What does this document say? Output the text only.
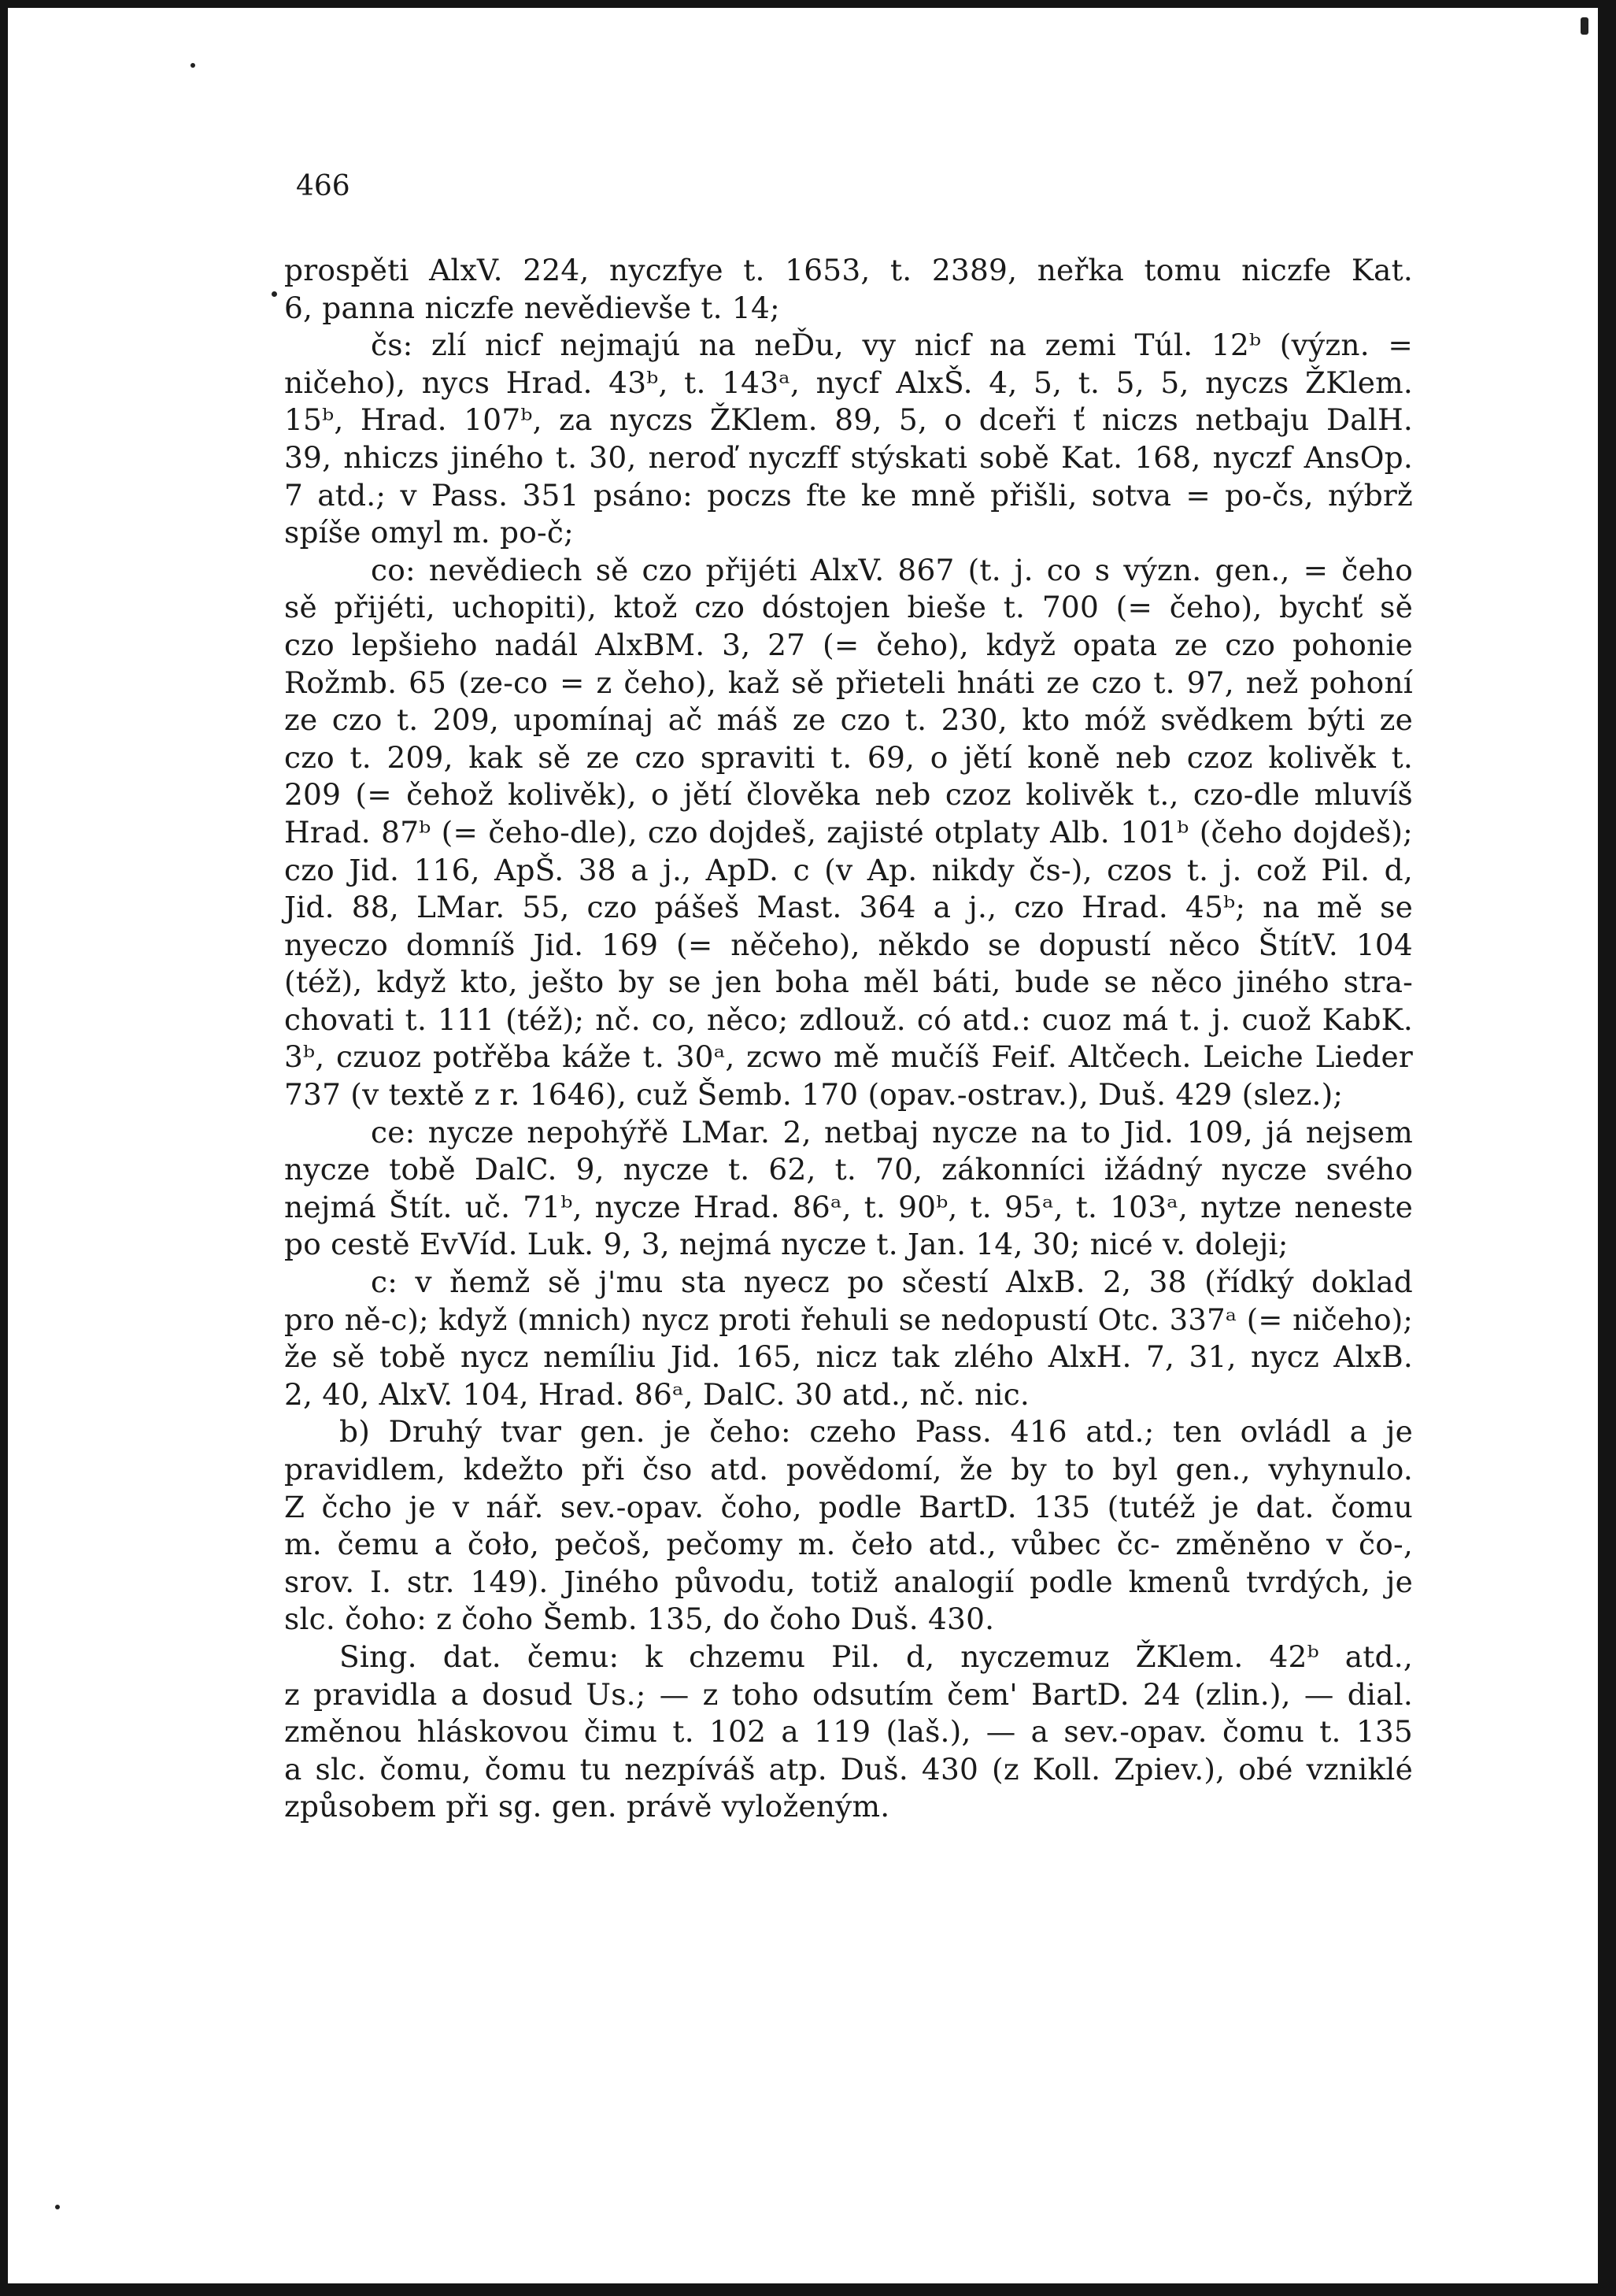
466
prospěti AlxV. 224, nyczfye t. 1653, t. 2389, neřka tomu niczfe Kat.
6, panna niczfe nevědievše t. 14;
čs: zlí nicf nejmajú na neĎu, vy nicf na zemi Túl. 12ᵇ (význ. =
ničeho), nycs Hrad. 43ᵇ, t. 143ᵃ, nycf AlxŠ. 4, 5, t. 5, 5, nyczs ŽKlem.
15ᵇ, Hrad. 107ᵇ, za nyczs ŽKlem. 89, 5, o dceři ť niczs netbaju DalH.
39, nhiczs jiného t. 30, neroď nyczff stýskati sobě Kat. 168, nyczf AnsOp.
7 atd.; v Pass. 351 psáno: poczs fte ke mně přišli, sotva = po-čs, nýbrž
spíše omyl m. po-č;
co: nevědiech sě czo přijéti AlxV. 867 (t. j. co s význ. gen., = čeho
sě přijéti, uchopiti), ktož czo dóstojen bieše t. 700 (= čeho), bychť sě
czo lepšieho nadál AlxBM. 3, 27 (= čeho), když opata ze czo pohonie
Rožmb. 65 (ze-co = z čeho), kaž sě přieteli hnáti ze czo t. 97, než pohoní
ze czo t. 209, upomínaj ač máš ze czo t. 230, kto móž svědkem býti ze
czo t. 209, kak sě ze czo spraviti t. 69, o jětí koně neb czoz kolivěk t.
209 (= čehož kolivěk), o jětí člověka neb czoz kolivěk t., czo-dle mluvíš
Hrad. 87ᵇ (= čeho-dle), czo dojdeš, zajisté otplaty Alb. 101ᵇ (čeho dojdeš);
czo Jid. 116, ApŠ. 38 a j., ApD. c (v Ap. nikdy čs-), czos t. j. což Pil. d,
Jid. 88, LMar. 55, czo pášeš Mast. 364 a j., czo Hrad. 45ᵇ; na mě se
nyeczo domníš Jid. 169 (= něčeho), někdo se dopustí něco ŠtítV. 104
(též), když kto, ješto by se jen boha měl báti, bude se něco jiného stra-
chovati t. 111 (též); nč. co, něco; zdlouž. có atd.: cuoz má t. j. cuož KabK.
3ᵇ, czuoz potřěba káže t. 30ᵃ, zcwo mě mučíš Feif. Altčech. Leiche Lieder
737 (v textě z r. 1646), cuž Šemb. 170 (opav.-ostrav.), Duš. 429 (slez.);
ce: nycze nepohýřě LMar. 2, netbaj nycze na to Jid. 109, já nejsem
nycze tobě DalC. 9, nycze t. 62, t. 70, zákonníci ižádný nycze svého
nejmá Štít. uč. 71ᵇ, nycze Hrad. 86ᵃ, t. 90ᵇ, t. 95ᵃ, t. 103ᵃ, nytze neneste
po cestě EvVíd. Luk. 9, 3, nejmá nycze t. Jan. 14, 30; nicé v. doleji;
c: v ňemž sě j'mu sta nyecz po sčestí AlxB. 2, 38 (řídký doklad
pro ně-c); když (mnich) nycz proti řehuli se nedopustí Otc. 337ᵃ (= ničeho);
že sě tobě nycz nemíliu Jid. 165, nicz tak zlého AlxH. 7, 31, nycz AlxB.
2, 40, AlxV. 104, Hrad. 86ᵃ, DalC. 30 atd., nč. nic.
b) Druhý tvar gen. je čeho: czeho Pass. 416 atd.; ten ovládl a je
pravidlem, kdežto při čso atd. povědomí, že by to byl gen., vyhynulo.
Z čcho je v nář. sev.-opav. čoho, podle BartD. 135 (tutéž je dat. čomu
m. čemu a čoło, pečoš, pečomy m. čeło atd., vůbec čc- změněno v čo-,
srov. I. str. 149). Jiného původu, totiž analogií podle kmenů tvrdých, je
slc. čoho: z čoho Šemb. 135, do čoho Duš. 430.
Sing. dat. čemu: k chzemu Pil. d, nyczemuz ŽKlem. 42ᵇ atd.,
z pravidla a dosud Us.; — z toho odsutím čem' BartD. 24 (zlin.), — dial.
změnou hláskovou čimu t. 102 a 119 (laš.), — a sev.-opav. čomu t. 135
a slc. čomu, čomu tu nezpíváš atp. Duš. 430 (z Koll. Zpiev.), obé vzniklé
způsobem při sg. gen. právě vyloženým.
